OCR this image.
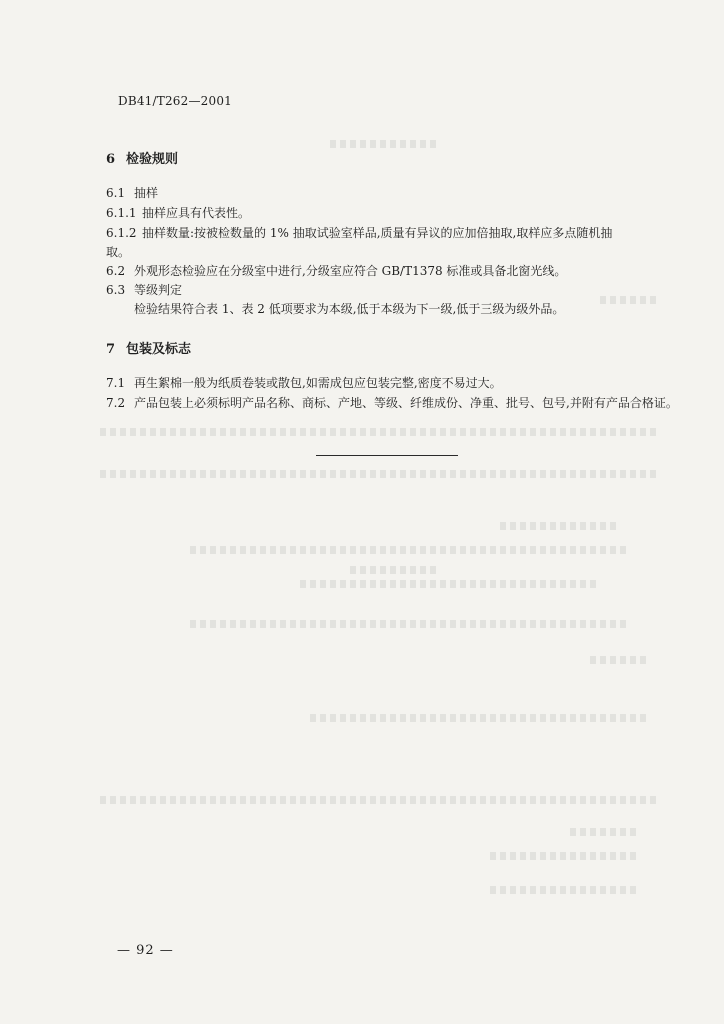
DB41/T262—2001
6 检验规则
6.1 抽样
6.1.1 抽样应具有代表性。
6.1.2 抽样数量:按被检数量的 1% 抽取试验室样品,质量有异议的应加倍抽取,取样应多点随机抽
取。
6.2 外观形态检验应在分级室中进行,分级室应符合 GB/T1378 标准或具备北窗光线。
6.3 等级判定
检验结果符合表 1、表 2 低项要求为本级,低于本级为下一级,低于三级为级外品。
7 包装及标志
7.1 再生絮棉一般为纸质卷装或散包,如需成包应包装完整,密度不易过大。
7.2 产品包装上必须标明产品名称、商标、产地、等级、纤维成份、净重、批号、包号,并附有产品合格证。
— 92 —
